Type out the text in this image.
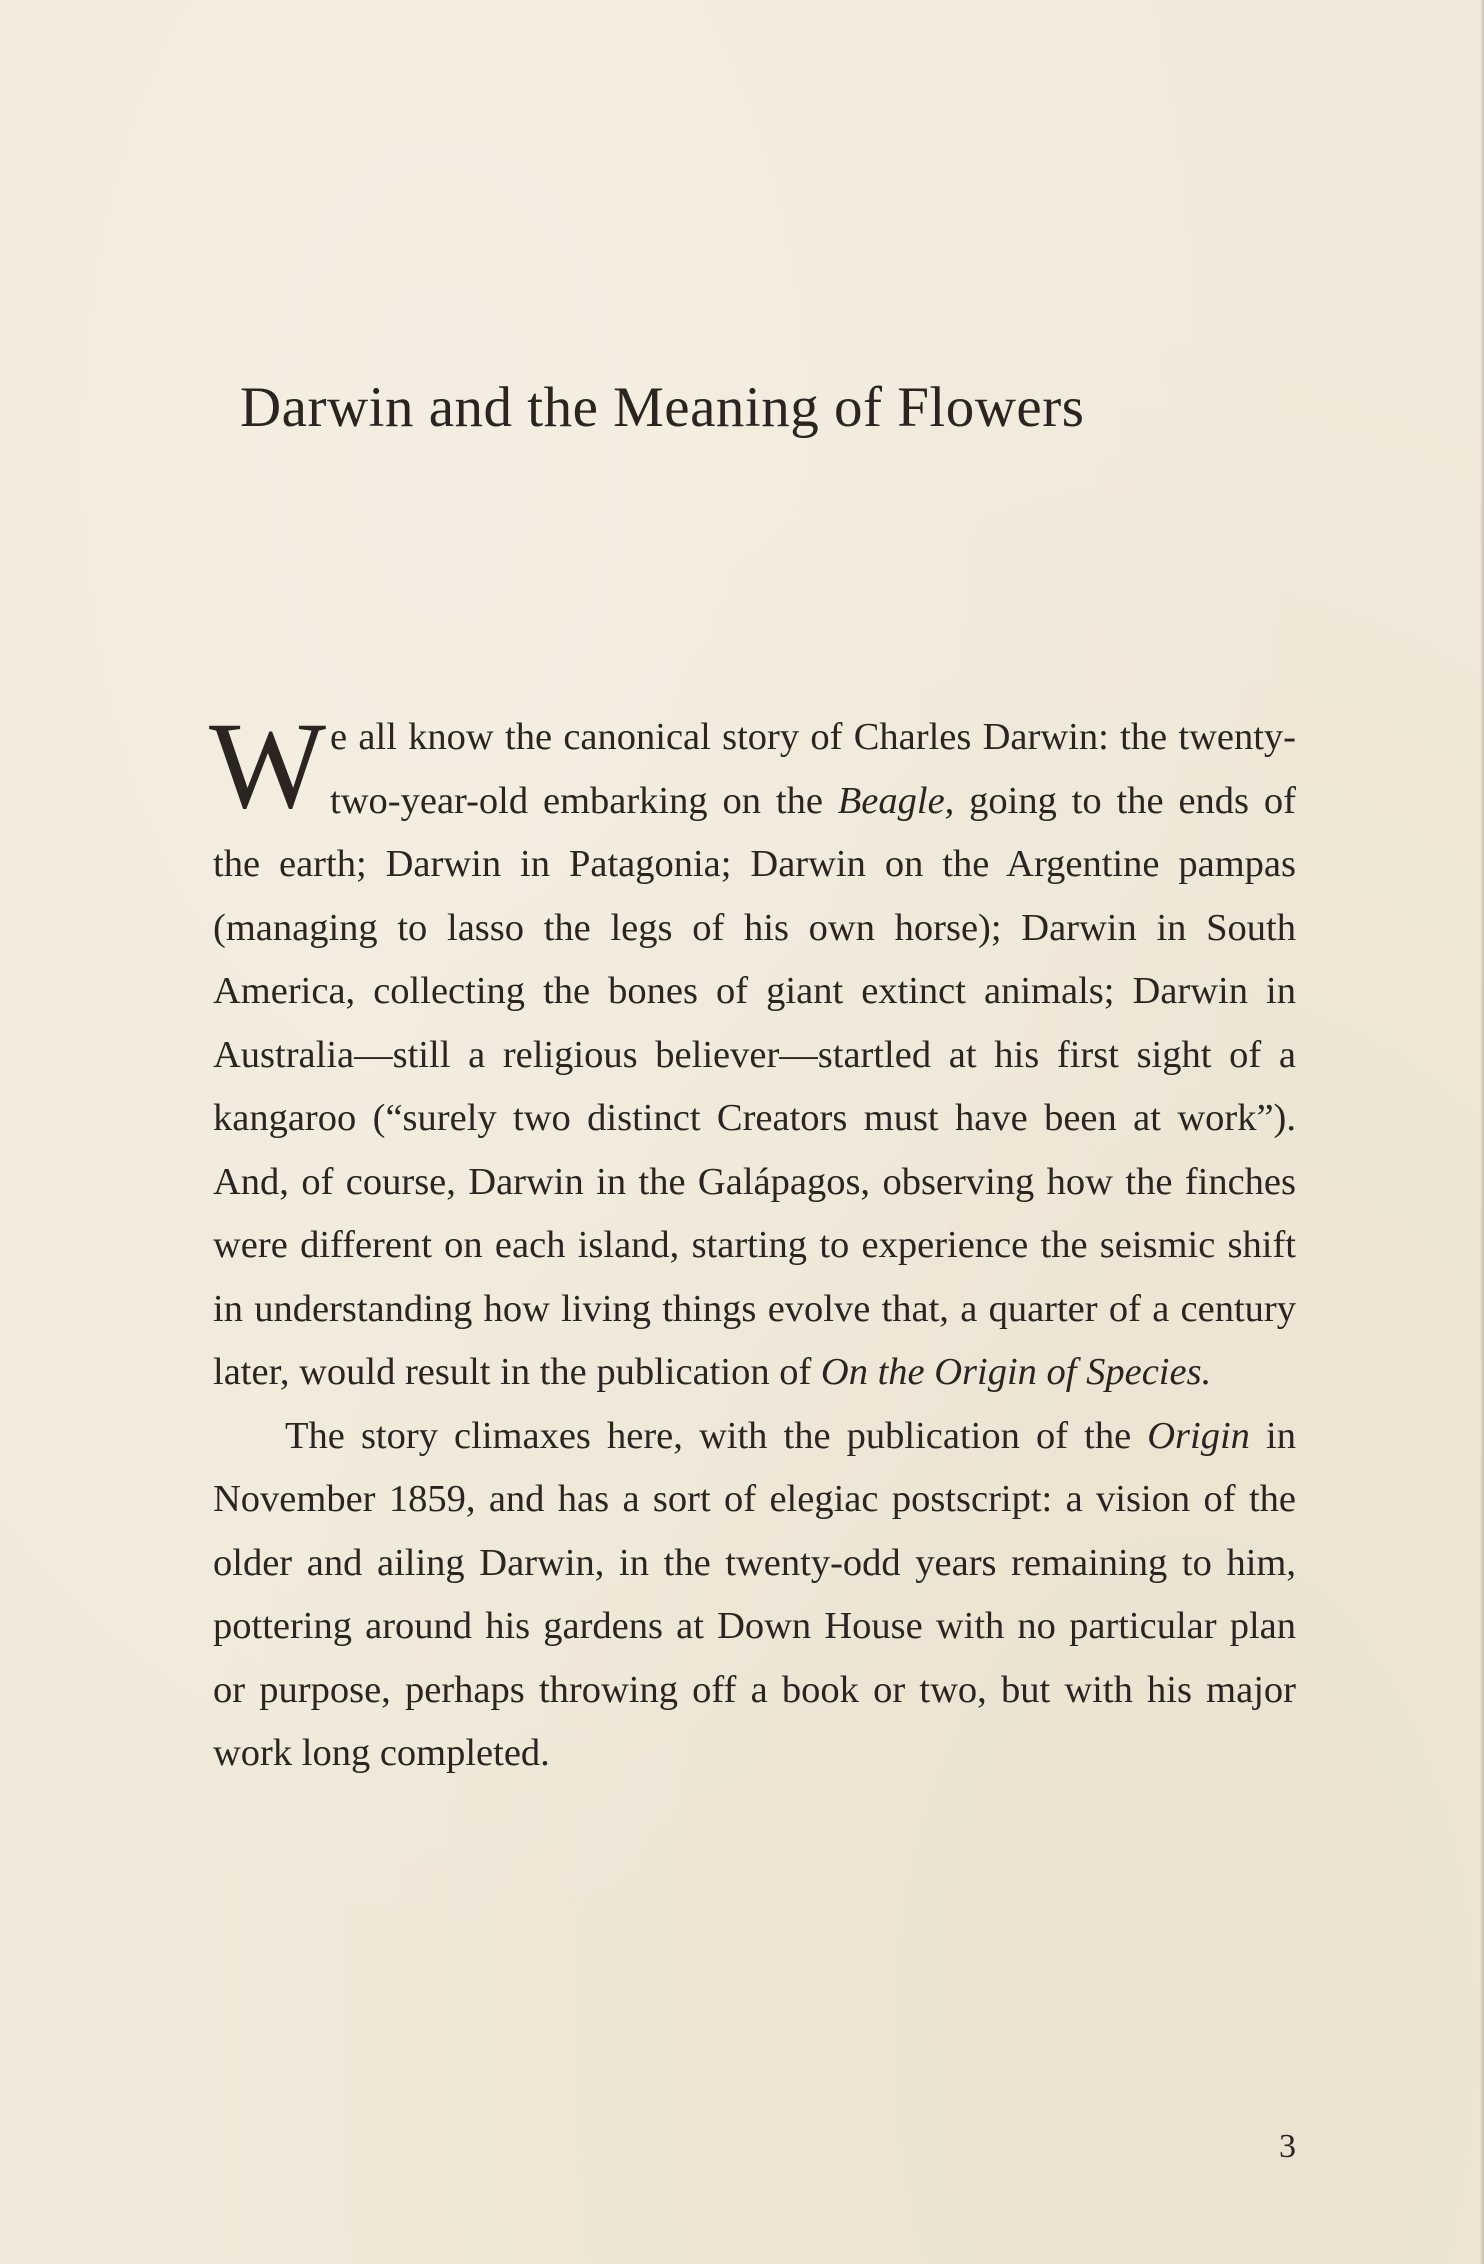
Darwin and the Meaning of Flowers

We all know the canonical story of Charles Darwin: the twenty-two-year-old embarking on the Beagle, going to the ends of the earth; Darwin in Patagonia; Darwin on the Argentine pampas (managing to lasso the legs of his own horse); Darwin in South America, collecting the bones of giant extinct animals; Darwin in Australia—still a religious believer—startled at his first sight of a kangaroo (“surely two distinct Creators must have been at work”). And, of course, Darwin in the Galápagos, observing how the finches were different on each island, starting to experience the seismic shift in understanding how living things evolve that, a quarter of a century later, would result in the publication of On the Origin of Species.

The story climaxes here, with the publication of the Origin in November 1859, and has a sort of elegiac postscript: a vision of the older and ailing Darwin, in the twenty-odd years remaining to him, pottering around his gardens at Down House with no particular plan or purpose, perhaps throwing off a book or two, but with his major work long completed.

3
